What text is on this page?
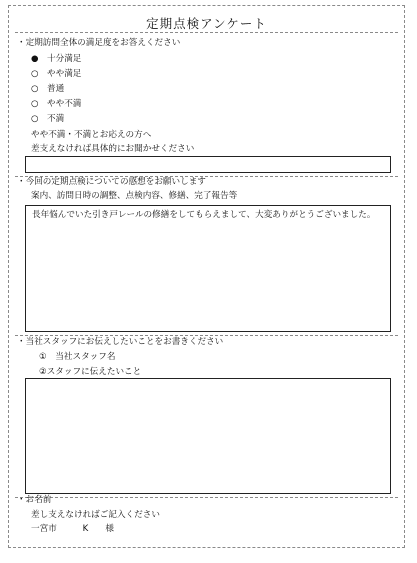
定期点検アンケート
・定期訪問全体の満足度をお答えください
● 十分満足
○ やや満足
○ 普通
○ やや不満
○ 不満
やや不満・不満とお応えの方へ
差支えなければ具体的にお聞かせください
・今回の定期点検についての感想をお願いします
案内、訪問日時の調整、点検内容、修繕、完了報告等
長年悩んでいた引き戸レールの修繕をしてもらえまして、大変ありがとうございました。
・当社スタッフにお伝えしたいことをお書きください
①　当社スタッフ名
②スタッフに伝えたいこと
・お名前
差し支えなければご記入ください
一宮市　　　K　　様
